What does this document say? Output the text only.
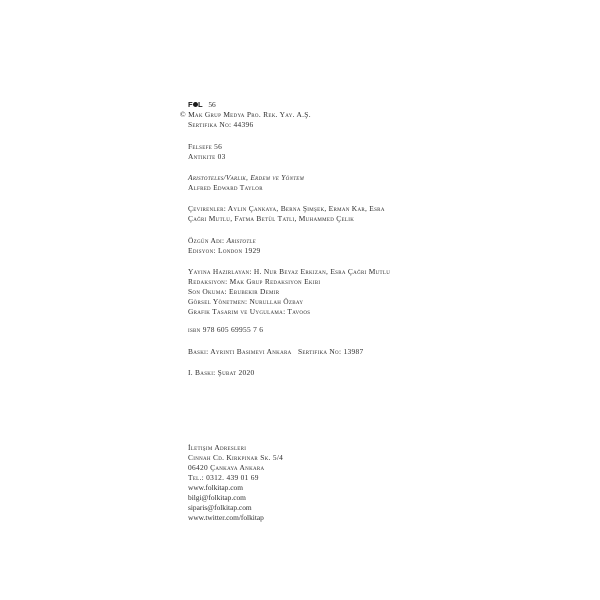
F L 56
© Mak Grup Medya Pro. Rek. Yay. A.Ş.
Sertifika No: 44396
Felsefe 56
Antikite 03
Aristoteles/Varlık, Erdem ve Yöntem
Alfred Edward Taylor
Çevirenler: Aylin Çankaya, Berna Şimşek, Erman Kar, Esra
Çağrı Mutlu, Fatma Betül Tatlı, Muhammed Çelik
Özgün Adı: Aristotle
Edisyon: London 1929
Yayına Hazırlayan: H. Nur Beyaz Erkızan, Esra Çağrı Mutlu
Redaksiyon: Mak Grup Redaksiyon Ekibi
Son Okuma: Ebubekir Demir
Görsel Yönetmen: Nurullah Özbay
Grafik Tasarım ve Uygulama: Tavoos
isbn 978 605 69955 7 6
Baskı: Ayrıntı Basımevi Ankara   Sertifika No: 13987
I. Baskı: Şubat 2020
İletişim Adresleri
Cinnah Cd. Kırkpınar Sk. 5/4
06420 Çankaya Ankara
Tel.: 0312. 439 01 69
www.folkitap.com
bilgi@folkitap.com
siparis@folkitap.com
www.twitter.com/folkitap
